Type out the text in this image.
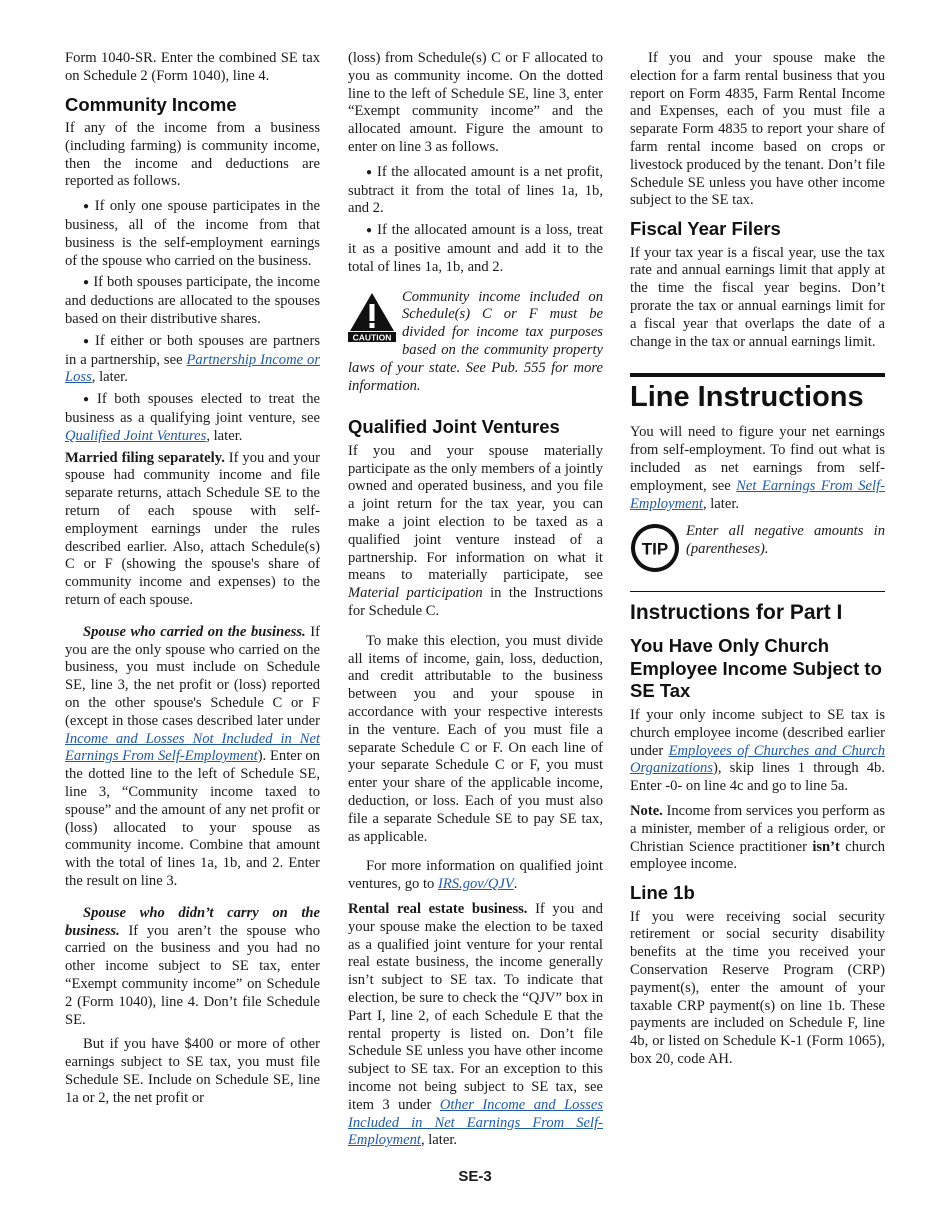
Form 1040-SR. Enter the combined SE tax on Schedule 2 (Form 1040), line 4.

Community Income

If any of the income from a business (including farming) is community income, then the income and deductions are reported as follows.

● If only one spouse participates in the business, all of the income from that business is the self-employment earnings of the spouse who carried on the business.

● If both spouses participate, the income and deductions are allocated to the spouses based on their distributive shares.

● If either or both spouses are partners in a partnership, see Partnership Income or Loss, later.

● If both spouses elected to treat the business as a qualifying joint venture, see Qualified Joint Ventures, later.

Married filing separately. If you and your spouse had community income and file separate returns, attach Schedule SE to the return of each spouse with self-employment earnings under the rules described earlier. Also, attach Schedule(s) C or F (showing the spouse's share of community income and expenses) to the return of each spouse.

Spouse who carried on the business. If you are the only spouse who carried on the business, you must include on Schedule SE, line 3, the net profit or (loss) reported on the other spouse's Schedule C or F (except in those cases described later under Income and Losses Not Included in Net Earnings From Self-Employment). Enter on the dotted line to the left of Schedule SE, line 3, “Community income taxed to spouse” and the amount of any net profit or (loss) allocated to your spouse as community income. Combine that amount with the total of lines 1a, 1b, and 2. Enter the result on line 3.

Spouse who didn’t carry on the business. If you aren’t the spouse who carried on the business and you had no other income subject to SE tax, enter “Exempt community income” on Schedule 2 (Form 1040), line 4. Don’t file Schedule SE.

But if you have $400 or more of other earnings subject to SE tax, you must file Schedule SE. Include on Schedule SE, line 1a or 2, the net profit or

(loss) from Schedule(s) C or F allocated to you as community income. On the dotted line to the left of Schedule SE, line 3, enter “Exempt community income” and the allocated amount. Figure the amount to enter on line 3 as follows.

● If the allocated amount is a net profit, subtract it from the total of lines 1a, 1b, and 2.

● If the allocated amount is a loss, treat it as a positive amount and add it to the total of lines 1a, 1b, and 2.

CAUTION

Community income included on Schedule(s) C or F must be divided for income tax purposes based on the community property laws of your state. See Pub. 555 for more information.

Qualified Joint Ventures

If you and your spouse materially participate as the only members of a jointly owned and operated business, and you file a joint return for the tax year, you can make a joint election to be taxed as a qualified joint venture instead of a partnership. For information on what it means to materially participate, see Material participation in the Instructions for Schedule C.

To make this election, you must divide all items of income, gain, loss, deduction, and credit attributable to the business between you and your spouse in accordance with your respective interests in the venture. Each of you must file a separate Schedule C or F. On each line of your separate Schedule C or F, you must enter your share of the applicable income, deduction, or loss. Each of you must also file a separate Schedule SE to pay SE tax, as applicable.

For more information on qualified joint ventures, go to IRS.gov/QJV.

Rental real estate business. If you and your spouse make the election to be taxed as a qualified joint venture for your rental real estate business, the income generally isn’t subject to SE tax. To indicate that election, be sure to check the “QJV” box in Part I, line 2, of each Schedule E that the rental property is listed on. Don’t file Schedule SE unless you have other income subject to SE tax. For an exception to this income not being subject to SE tax, see item 3 under Other Income and Losses Included in Net Earnings From Self-Employment, later.

If you and your spouse make the election for a farm rental business that you report on Form 4835, Farm Rental Income and Expenses, each of you must file a separate Form 4835 to report your share of farm rental income based on crops or livestock produced by the tenant. Don’t file Schedule SE unless you have other income subject to the SE tax.

Fiscal Year Filers

If your tax year is a fiscal year, use the tax rate and annual earnings limit that apply at the time the fiscal year begins. Don’t prorate the tax or annual earnings limit for a fiscal year that overlaps the date of a change in the tax or annual earnings limit.

Line Instructions

You will need to figure your net earnings from self-employment. To find out what is included as net earnings from self-employment, see Net Earnings From Self-Employment, later.

TIP

Enter all negative amounts in (parentheses).

Instructions for Part I
You Have Only Church Employee Income Subject to SE Tax

If your only income subject to SE tax is church employee income (described earlier under Employees of Churches and Church Organizations), skip lines 1 through 4b. Enter -0- on line 4c and go to line 5a.

Note. Income from services you perform as a minister, member of a religious order, or Christian Science practitioner isn’t church employee income.

Line 1b

If you were receiving social security retirement or social security disability benefits at the time you received your Conservation Reserve Program (CRP) payment(s), enter the amount of your taxable CRP payment(s) on line 1b. These payments are included on Schedule F, line 4b, or listed on Schedule K-1 (Form 1065), box 20, code AH.

SE-3
